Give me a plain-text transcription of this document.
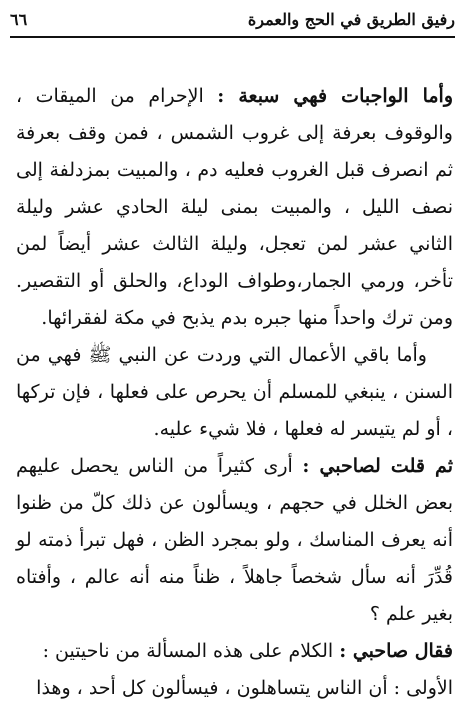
رفيق الطريق في الحج والعمرة
٦٦

وأما الواجبات فهي سبعة : الإحرام من الميقات ، والوقوف بعرفة إلى غروب الشمس ، فمن وقف بعرفة ثم انصرف قبل الغروب فعليه دم ، والمبيت بمزدلفة إلى نصف الليل ، والمبيت بمنى ليلة الحادي عشر وليلة الثاني عشر لمن تعجل، وليلة الثالث عشر أيضاً لمن تأخر، ورمي الجمار،وطواف الوداع، والحلق أو التقصير. ومن ترك واحداً منها جبره بدم يذبح في مكة لفقرائها.

وأما باقي الأعمال التي وردت عن النبي ﷺ فهي من السنن ، ينبغي للمسلم أن يحرص على فعلها ، فإن تركها ، أو لم يتيسر له فعلها ، فلا شيء عليه.

ثم قلت لصاحبي : أرى كثيراً من الناس يحصل عليهم بعض الخلل في حجهم ، ويسألون عن ذلك كلّ من ظنوا أنه يعرف المناسك ، ولو بمجرد الظن ، فهل تبرأ ذمته لو قُدِّرَ أنه سأل شخصاً جاهلاً ، ظناً منه أنه عالم ، وأفتاه بغير علم ؟

فقال صاحبي : الكلام على هذه المسألة من ناحيتين :

الأولى : أن الناس يتساهلون ، فيسألون كل أحد ، وهذا
